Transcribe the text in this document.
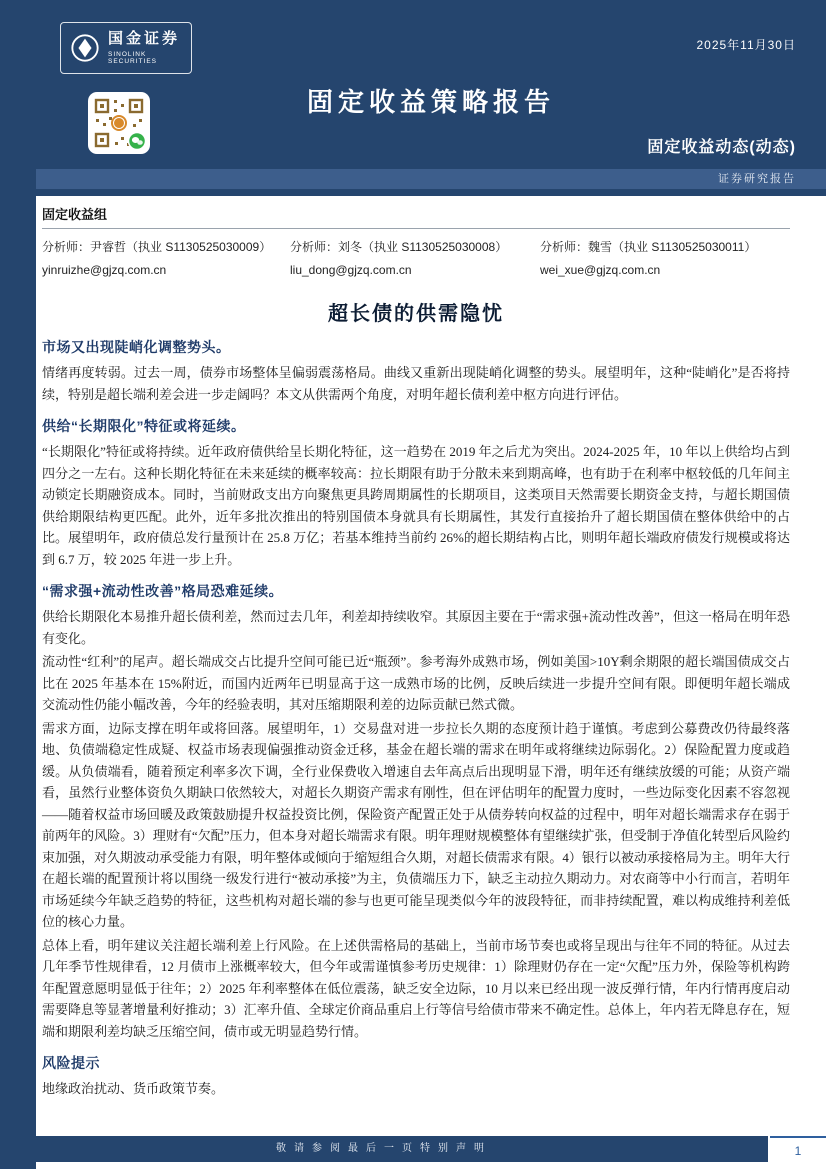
国金证券
SINOLINK SECURITIES
2025年11月30日
固定收益策略报告
固定收益动态(动态)
证券研究报告
固定收益组
分析师：尹睿哲（执业 S1130525030009）
yinruizhe@gjzq.com.cn
分析师：刘冬（执业 S1130525030008）
liu_dong@gjzq.com.cn
分析师：魏雪（执业 S1130525030011）
wei_xue@gjzq.com.cn
超长债的供需隐忧
市场又出现陡峭化调整势头。

情绪再度转弱。过去一周，债券市场整体呈偏弱震荡格局。曲线又重新出现陡峭化调整的势头。展望明年，这种“陡峭化”是否将持续，特别是超长端利差会进一步走阔吗？本文从供需两个角度，对明年超长债利差中枢方向进行评估。

供给“长期限化”特征或将延续。

“长期限化”特征或将持续。近年政府债供给呈长期化特征，这一趋势在 2019 年之后尤为突出。2024-2025 年，10 年以上供给均占到四分之一左右。这种长期化特征在未来延续的概率较高：拉长期限有助于分散未来到期高峰，也有助于在利率中枢较低的几年间主动锁定长期融资成本。同时，当前财政支出方向聚焦更具跨周期属性的长期项目，这类项目天然需要长期资金支持，与超长期国债供给期限结构更匹配。此外，近年多批次推出的特别国债本身就具有长期属性，其发行直接抬升了超长期国债在整体供给中的占比。展望明年，政府债总发行量预计在 25.8 万亿；若基本维持当前约 26%的超长期结构占比，则明年超长端政府债发行规模或将达到 6.7 万，较 2025 年进一步上升。

“需求强+流动性改善”格局恐难延续。

供给长期限化本易推升超长债利差，然而过去几年，利差却持续收窄。其原因主要在于“需求强+流动性改善”，但这一格局在明年恐有变化。

流动性“红利”的尾声。超长端成交占比提升空间可能已近“瓶颈”。参考海外成熟市场，例如美国>10Y剩余期限的超长端国债成交占比在 2025 年基本在 15%附近，而国内近两年已明显高于这一成熟市场的比例，反映后续进一步提升空间有限。即便明年超长端成交流动性仍能小幅改善，今年的经验表明，其对压缩期限利差的边际贡献已然式微。

需求方面，边际支撑在明年或将回落。展望明年，1）交易盘对进一步拉长久期的态度预计趋于谨慎。考虑到公募费改仍待最终落地、负债端稳定性成疑、权益市场表现偏强推动资金迁移，基金在超长端的需求在明年或将继续边际弱化。2）保险配置力度或趋缓。从负债端看，随着预定利率多次下调，全行业保费收入增速自去年高点后出现明显下滑，明年还有继续放缓的可能；从资产端看，虽然行业整体资负久期缺口依然较大，对超长久期资产需求有刚性，但在评估明年的配置力度时，一些边际变化因素不容忽视——随着权益市场回暖及政策鼓励提升权益投资比例，保险资产配置正处于从债券转向权益的过程中，明年对超长端需求存在弱于前两年的风险。3）理财有“欠配”压力，但本身对超长端需求有限。明年理财规模整体有望继续扩张，但受制于净值化转型后风险约束加强，对久期波动承受能力有限，明年整体或倾向于缩短组合久期，对超长债需求有限。4）银行以被动承接格局为主。明年大行在超长端的配置预计将以围绕一级发行进行“被动承接”为主，负债端压力下，缺乏主动拉久期动力。对农商等中小行而言，若明年市场延续今年缺乏趋势的特征，这些机构对超长端的参与也更可能呈现类似今年的波段特征，而非持续配置，难以构成维持利差低位的核心力量。

总体上看，明年建议关注超长端利差上行风险。在上述供需格局的基础上，当前市场节奏也或将呈现出与往年不同的特征。从过去几年季节性规律看，12 月债市上涨概率较大，但今年或需谨慎参考历史规律：1）除理财仍存在一定“欠配”压力外，保险等机构跨年配置意愿明显低于往年；2）2025 年利率整体在低位震荡，缺乏安全边际，10 月以来已经出现一波反弹行情，年内行情再度启动需要降息等显著增量利好推动；3）汇率升值、全球定价商品重启上行等信号给债市带来不确定性。总体上，年内若无降息存在，短端和期限利差均缺乏压缩空间，债市或无明显趋势行情。

风险提示

地缘政治扰动、货币政策节奏。

敬请参阅最后一页特别声明	1
